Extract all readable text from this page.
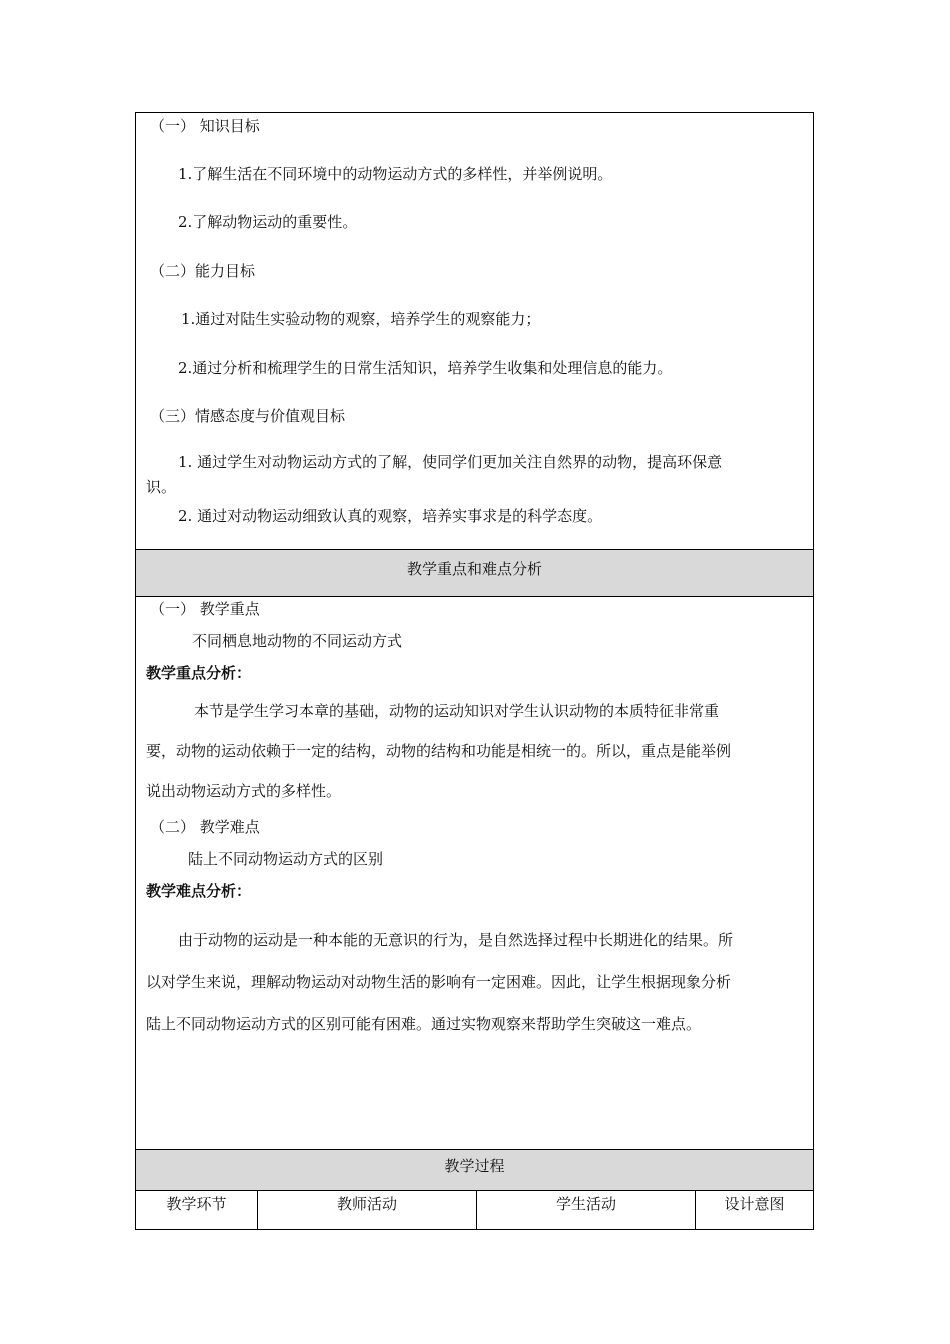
（一） 知识目标
1.了解生活在不同环境中的动物运动方式的多样性，并举例说明。
2.了解动物运动的重要性。
（二）能力目标
1.通过对陆生实验动物的观察，培养学生的观察能力；
2.通过分析和梳理学生的日常生活知识，培养学生收集和处理信息的能力。
（三）情感态度与价值观目标
1. 通过学生对动物运动方式的了解，使同学们更加关注自然界的动物，提高环保意
识。
2. 通过对动物运动细致认真的观察，培养实事求是的科学态度。
教学重点和难点分析
（一） 教学重点
不同栖息地动物的不同运动方式
教学重点分析：
本节是学生学习本章的基础，动物的运动知识对学生认识动物的本质特征非常重
要，动物的运动依赖于一定的结构，动物的结构和功能是相统一的。所以，重点是能举例
说出动物运动方式的多样性。
（二） 教学难点
陆上不同动物运动方式的区别
教学难点分析：
由于动物的运动是一种本能的无意识的行为，是自然选择过程中长期进化的结果。所
以对学生来说，理解动物运动对动物生活的影响有一定困难。因此，让学生根据现象分析
陆上不同动物运动方式的区别可能有困难。通过实物观察来帮助学生突破这一难点。
教学过程
教学环节	教师活动	学生活动	设计意图
